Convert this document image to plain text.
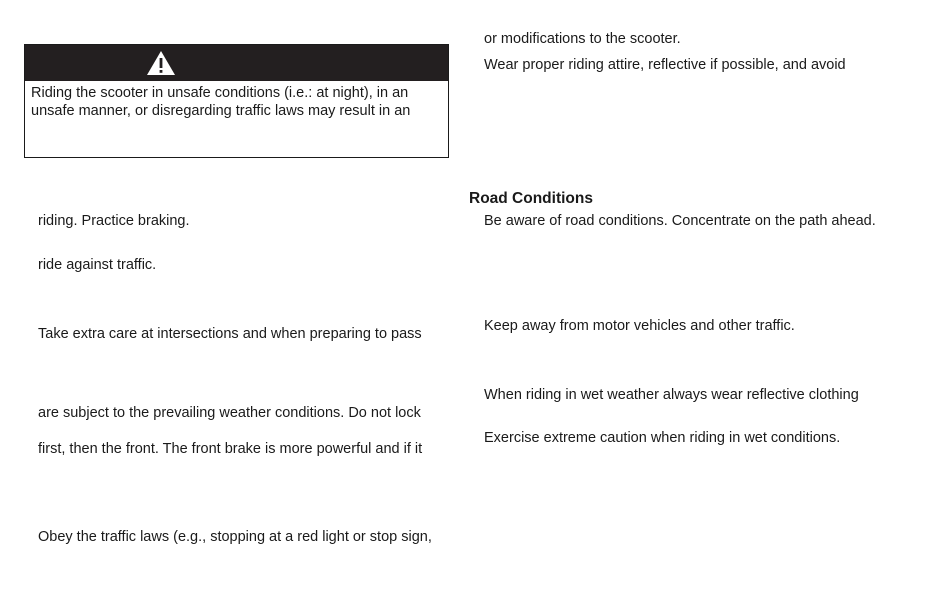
Riding the scooter in unsafe conditions (i.e.: at night), in an
unsafe manner, or disregarding traffic laws may result in an
riding. Practice braking.
ride against traffic.
Take extra care at intersections and when preparing to pass
are subject to the prevailing weather conditions. Do not lock
first, then the front. The front brake is more powerful and if it
Obey the traffic laws (e.g., stopping at a red light or stop sign,
or modifications to the scooter.
Wear proper riding attire, reflective if possible, and avoid
Road Conditions
Be aware of road conditions. Concentrate on the path ahead.
Keep away from motor vehicles and other traffic.
When riding in wet weather always wear reflective clothing
Exercise extreme caution when riding in wet conditions.
